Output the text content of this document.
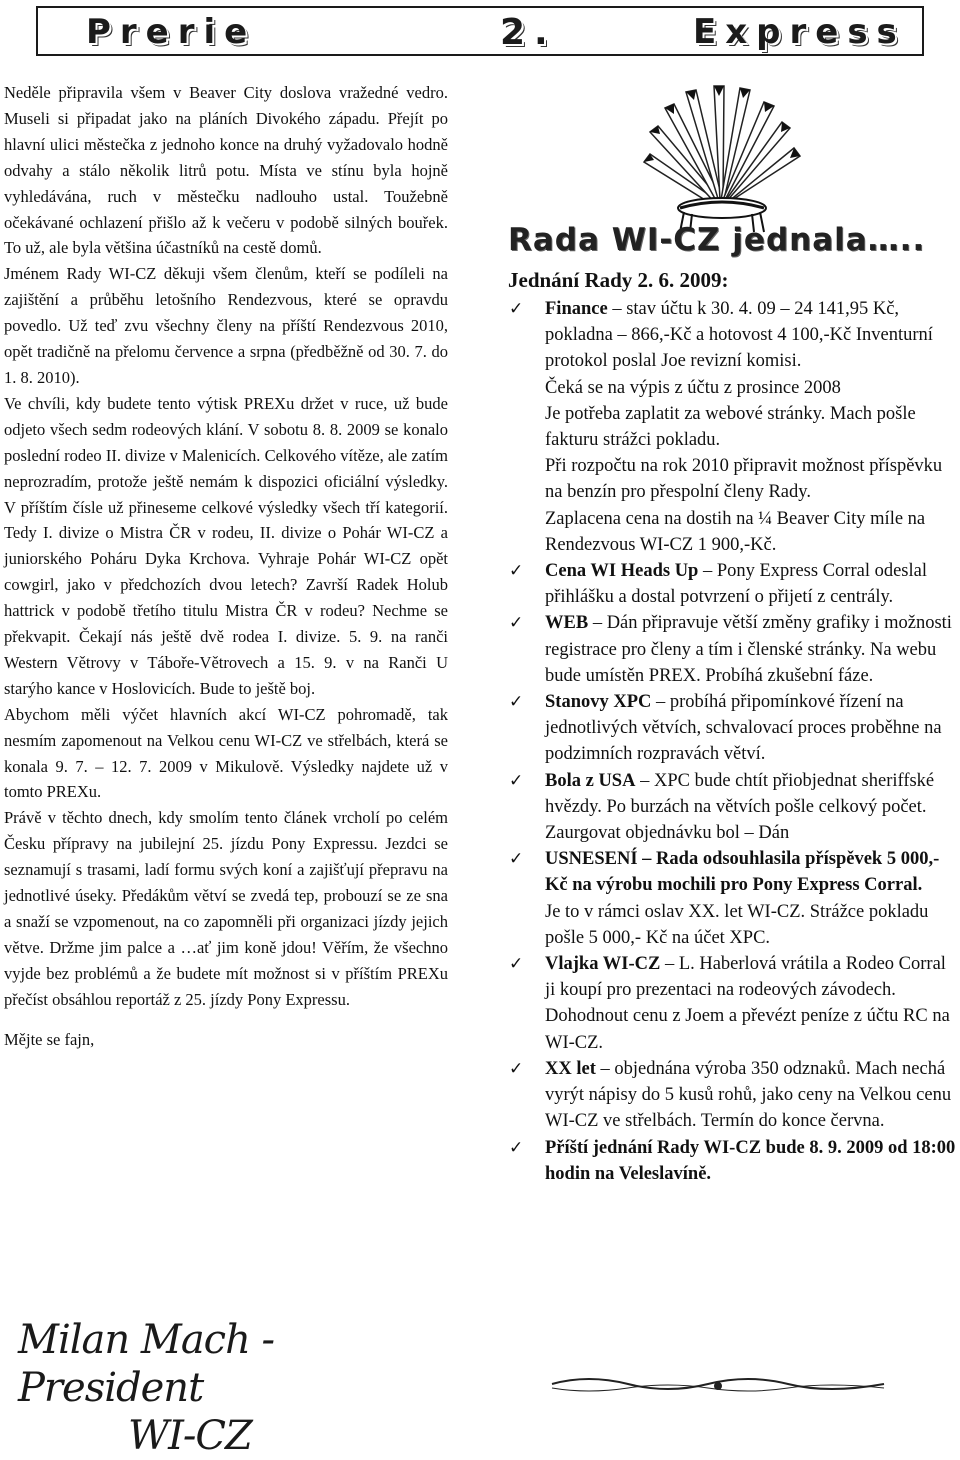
Prerie	2.	Express

Neděle připravila všem v Beaver City doslova vražedné vedro. Museli si připadat jako na pláních Divokého západu. Přejít po hlavní ulici městečka z jednoho konce na druhý vyžadovalo hodně odvahy a stálo několik litrů potu. Místa ve stínu byla hojně vyhledávána, ruch v městečku nadlouho ustal. Toužebně očekávané ochlazení přišlo až k večeru v podobě silných bouřek. To už, ale byla většina účastníků na cestě domů.

Jménem Rady WI-CZ děkuji všem členům, kteří se podíleli na zajištění a průběhu letošního Rendezvous, které se opravdu povedlo. Už teď zvu všechny členy na příští Rendezvous 2010, opět tradičně na přelomu července a srpna (předběžně od 30. 7. do 1. 8. 2010).

Ve chvíli, kdy budete tento výtisk PREXu držet v ruce, už bude odjeto všech sedm rodeových klání. V sobotu 8. 8. 2009 se konalo poslední rodeo II. divize v Malenicích. Celkového vítěze, ale zatím neprozradím, protože ještě nemám k dispozici oficiální výsledky. V příštím čísle už přineseme celkové výsledky všech tří kategorií. Tedy I. divize o Mistra ČR v rodeu, II. divize o Pohár WI-CZ a juniorského Poháru Dyka Krchova. Vyhraje Pohár WI-CZ opět cowgirl, jako v předchozích dvou letech? Završí Radek Holub hattrick v podobě třetího titulu Mistra ČR v rodeu? Nechme se překvapit. Čekají nás ještě dvě rodea I. divize. 5. 9. na ranči Western Větrovy v Táboře-Větrovech a 15. 9. v na Ranči U starýho kance v Hoslovicích. Bude to ještě boj.

Abychom měli výčet hlavních akcí WI-CZ pohromadě, tak nesmím zapomenout na Velkou cenu WI-CZ ve střelbách, která se konala 9. 7. – 12. 7. 2009 v Mikulově. Výsledky najdete už v tomto PREXu.

Právě v těchto dnech, kdy smolím tento článek vrcholí po celém Česku přípravy na jubilejní 25. jízdu Pony Expressu. Jezdci se seznamují s trasami, ladí formu svých koní a zajišťují přepravu na jednotlivé úseky. Předákům větví se zvedá tep, probouzí se ze sna a snaží se vzpomenout, na co zapomněli při organizaci jízdy jejich větve. Držme jim palce a …ať jim koně jdou! Věřím, že všechno vyjde bez problémů a že budete mít možnost si v příštím PREXu přečíst obsáhlou reportáž z 25. jízdy Pony Expressu.

Mějte se fajn,

Milan Mach - President
WI-CZ
Rada WI-CZ jednala…..

Jednání Rady 2. 6. 2009:

✓ Finance – stav účtu k 30. 4. 09 – 24 141,95 Kč, pokladna – 866,-Kč a hotovost 4 100,-Kč Inventurní protokol poslal Joe revizní komisi.
Čeká se na výpis z účtu z prosince 2008
Je potřeba zaplatit za webové stránky. Mach pošle fakturu strážci pokladu.
Při rozpočtu na rok 2010 připravit možnost příspěvku na benzín pro přespolní členy Rady.
Zaplacena cena na dostih na ¼ Beaver City míle na Rendezvous WI-CZ 1 900,-Kč.
✓ Cena WI Heads Up – Pony Express Corral odeslal přihlášku a dostal potvrzení o přijetí z centrály.
✓ WEB – Dán připravuje větší změny grafiky i možnosti registrace pro členy a tím i členské stránky. Na webu bude umístěn PREX. Probíhá zkušební fáze.
✓ Stanovy XPC – probíhá připomínkové řízení na jednotlivých větvích, schvalovací proces proběhne na podzimních rozpravách větví.
✓ Bola z USA – XPC bude chtít přiobjednat sheriffské hvězdy. Po burzách na větvích pošle celkový počet. Zaurgovat objednávku bol – Dán
✓ USNESENÍ – Rada odsouhlasila příspěvek 5 000,-Kč na výrobu mochili pro Pony Express Corral.
Je to v rámci oslav XX. let WI-CZ. Strážce pokladu pošle 5 000,- Kč na účet XPC.
✓ Vlajka WI-CZ – L. Haberlová vrátila a Rodeo Corral ji koupí pro prezentaci na rodeových závodech. Dohodnout cenu z Joem a převézt peníze z účtu RC na WI-CZ.
✓ XX let – objednána výroba 350 odznaků. Mach nechá vyrýt nápisy do 5 kusů rohů, jako ceny na Velkou cenu WI-CZ ve střelbách. Termín do konce června.
✓ Příští jednání Rady WI-CZ bude 8. 9. 2009 od 18:00 hodin na Veleslavíně.
